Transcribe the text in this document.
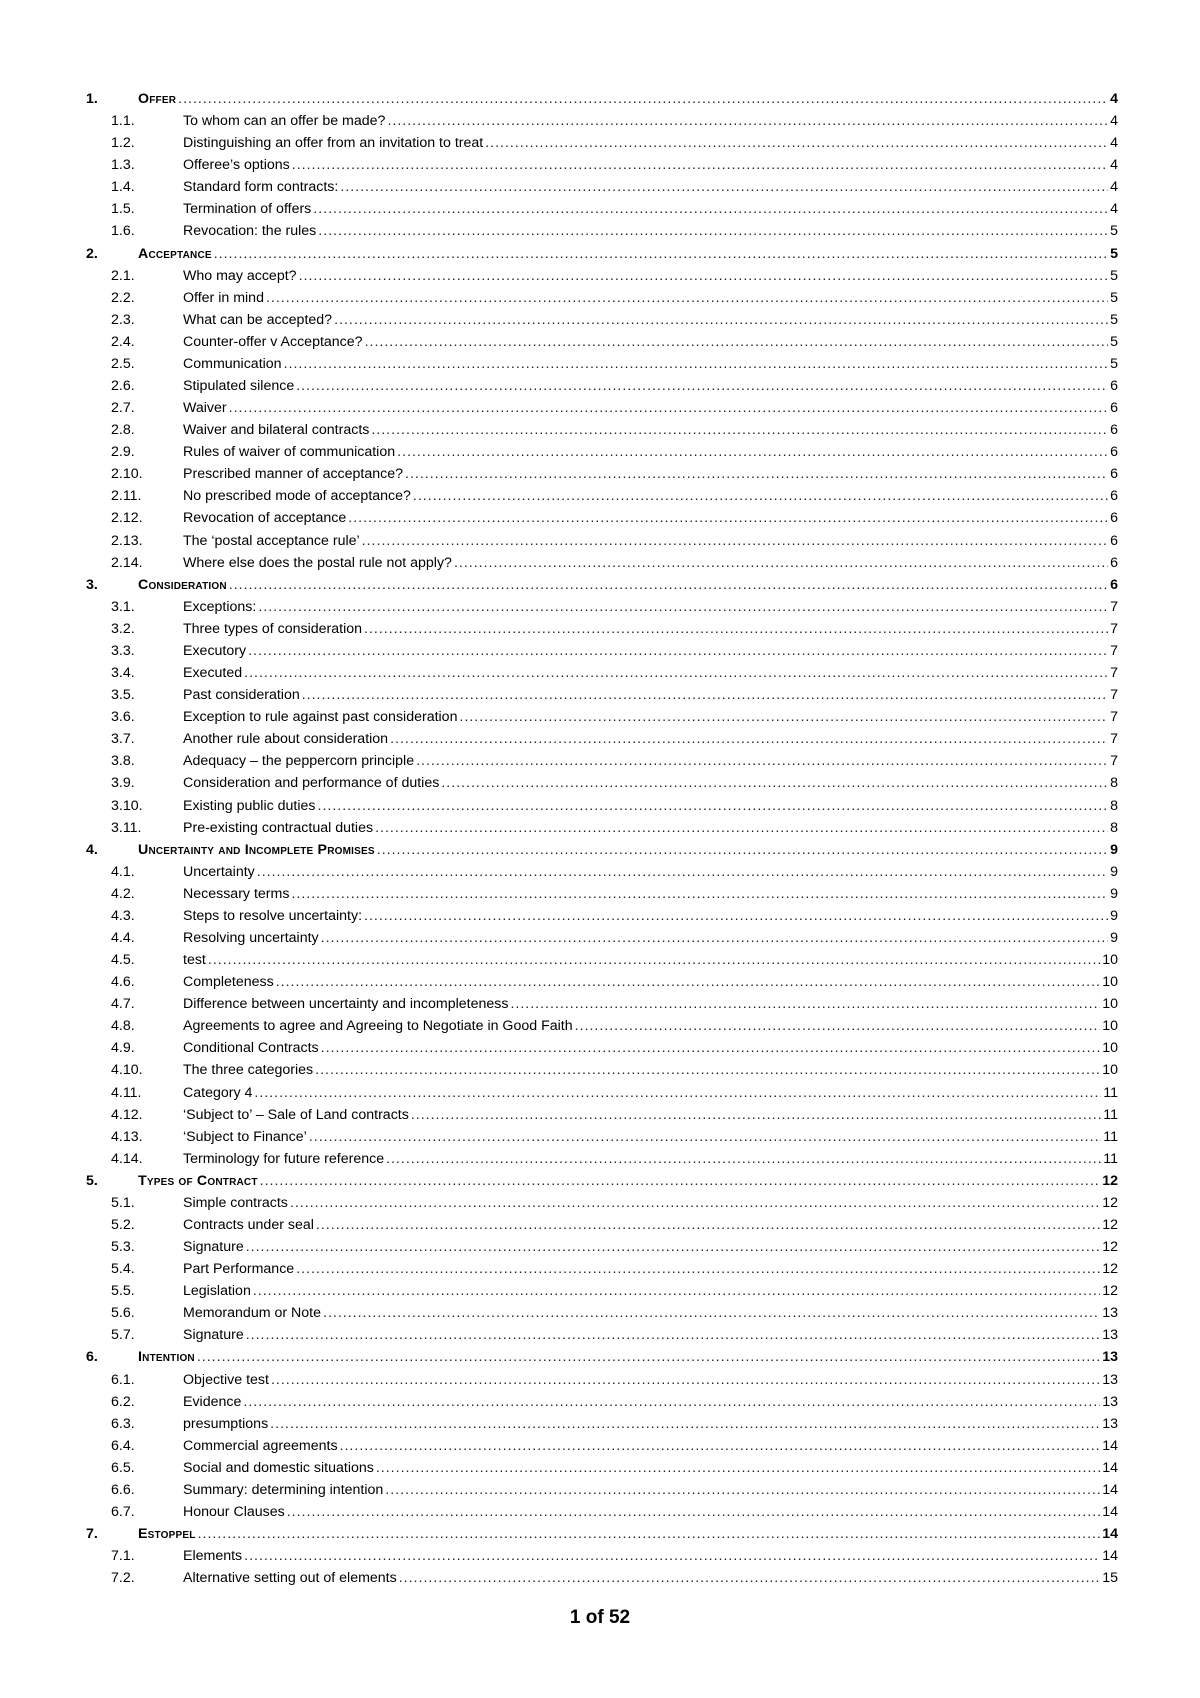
1.	Offer .....	4
1.1.	To whom can an offer be made? .....	4
1.2.	Distinguishing an offer from an invitation to treat .....	4
1.3.	Offeree’s options .....	4
1.4.	Standard form contracts: .....	4
1.5.	Termination of offers .....	4
1.6.	Revocation: the rules .....	5
2.	Acceptance .....	5
2.1.	Who may accept? .....	5
2.2.	Offer in mind .....	5
2.3.	What can be accepted? .....	5
2.4.	Counter-offer v Acceptance? .....	5
2.5.	Communication .....	5
2.6.	Stipulated silence .....	6
2.7.	Waiver .....	6
2.8.	Waiver and bilateral contracts .....	6
2.9.	Rules of waiver of communication .....	6
2.10.	Prescribed manner of acceptance? .....	6
2.11.	No prescribed mode of acceptance? .....	6
2.12.	Revocation of acceptance .....	6
2.13.	The ‘postal acceptance rule’ .....	6
2.14.	Where else does the postal rule not apply? .....	6
3.	Consideration .....	6
3.1.	Exceptions: .....	7
3.2.	Three types of consideration .....	7
3.3.	Executory .....	7
3.4.	Executed .....	7
3.5.	Past consideration .....	7
3.6.	Exception to rule against past consideration .....	7
3.7.	Another rule about consideration .....	7
3.8.	Adequacy – the peppercorn principle .....	7
3.9.	Consideration and performance of duties .....	8
3.10.	Existing public duties .....	8
3.11.	Pre-existing contractual duties .....	8
4.	Uncertainty and Incomplete Promises .....	9
4.1.	Uncertainty .....	9
4.2.	Necessary terms .....	9
4.3.	Steps to resolve uncertainty: .....	9
4.4.	Resolving uncertainty .....	9
4.5.	test .....	10
4.6.	Completeness .....	10
4.7.	Difference between uncertainty and incompleteness .....	10
4.8.	Agreements to agree and Agreeing to Negotiate in Good Faith .....	10
4.9.	Conditional Contracts .....	10
4.10.	The three categories .....	10
4.11.	Category 4 .....	11
4.12.	‘Subject to’ – Sale of Land contracts .....	11
4.13.	‘Subject to Finance’ .....	11
4.14.	Terminology for future reference .....	11
5.	Types of Contract .....	12
5.1.	Simple contracts .....	12
5.2.	Contracts under seal .....	12
5.3.	Signature .....	12
5.4.	Part Performance .....	12
5.5.	Legislation .....	12
5.6.	Memorandum or Note .....	13
5.7.	Signature .....	13
6.	Intention .....	13
6.1.	Objective test .....	13
6.2.	Evidence .....	13
6.3.	presumptions .....	13
6.4.	Commercial agreements .....	14
6.5.	Social and domestic situations .....	14
6.6.	Summary: determining intention .....	14
6.7.	Honour Clauses .....	14
7.	Estoppel .....	14
7.1.	Elements .....	14
7.2.	Alternative setting out of elements .....	15
1 of 52
